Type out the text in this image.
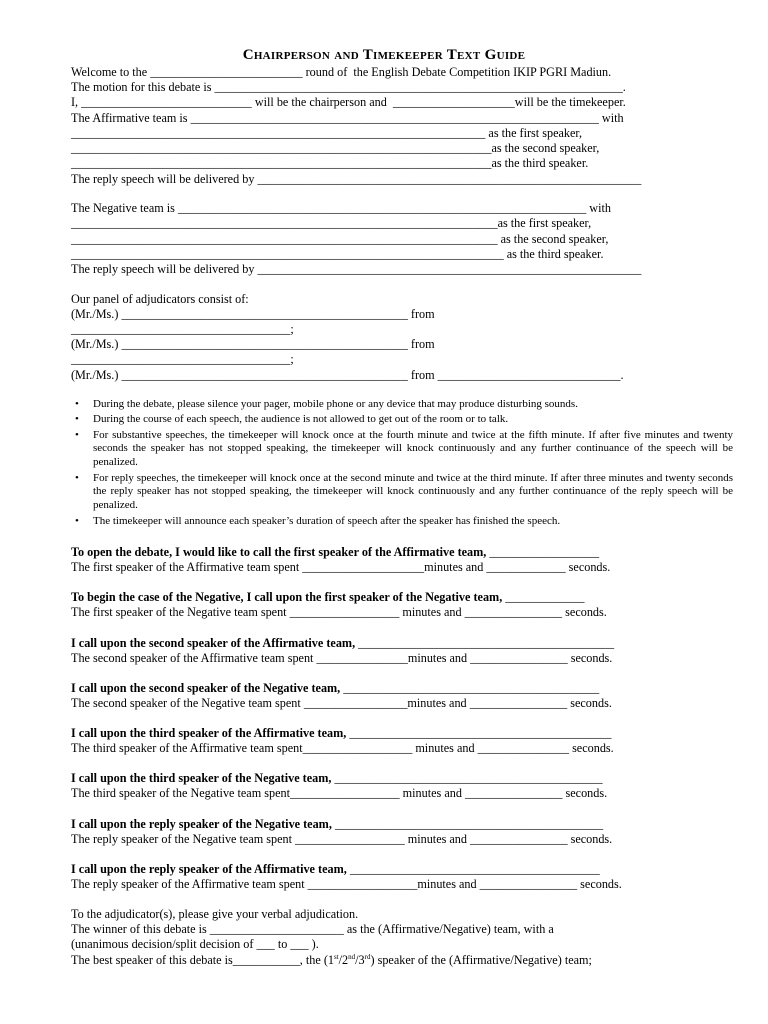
Chairperson and Timekeeper Text Guide
Welcome to the _________________________ round of  the English Debate Competition IKIP PGRI Madiun.
The motion for this debate is ___________________________________________________________________.
I, ____________________________ will be the chairperson and  ____________________will be the timekeeper.
The Affirmative team is ___________________________________________________________________ with
____________________________________________________________________ as the first speaker,
_____________________________________________________________________as the second speaker,
_____________________________________________________________________as the third speaker.
The reply speech will be delivered by _______________________________________________________________
The Negative team is ___________________________________________________________________ with
______________________________________________________________________as the first speaker,
______________________________________________________________________ as the second speaker,
_______________________________________________________________________ as the third speaker.
The reply speech will be delivered by _______________________________________________________________
Our panel of adjudicators consist of:
(Mr./Ms.) _______________________________________________ from
____________________________________;
(Mr./Ms.) _______________________________________________ from
____________________________________;
(Mr./Ms.) _______________________________________________ from ______________________________.
• During the debate, please silence your pager, mobile phone or any device that may produce disturbing sounds.
• During the course of each speech, the audience is not allowed to get out of the room or to talk.
• For substantive speeches, the timekeeper will knock once at the fourth minute and twice at the fifth minute. If after five minutes and twenty seconds the speaker has not stopped speaking, the timekeeper will knock continuously and any further continuance of the speech will be penalized.
• For reply speeches, the timekeeper will knock once at the second minute and twice at the third minute. If after three minutes and twenty seconds the reply speaker has not stopped speaking, the timekeeper will knock continuously and any further continuance of the reply speech will be penalized.
• The timekeeper will announce each speaker’s duration of speech after the speaker has finished the speech.
To open the debate, I would like to call the first speaker of the Affirmative team, __________________
The first speaker of the Affirmative team spent ____________________minutes and _____________ seconds.
To begin the case of the Negative, I call upon the first speaker of the Negative team, _____________
The first speaker of the Negative team spent __________________ minutes and ________________ seconds.
I call upon the second speaker of the Affirmative team, __________________________________________
The second speaker of the Affirmative team spent _______________minutes and ________________ seconds.
I call upon the second speaker of the Negative team, __________________________________________
The second speaker of the Negative team spent _________________minutes and ________________ seconds.
I call upon the third speaker of the Affirmative team, ___________________________________________
The third speaker of the Affirmative team spent__________________ minutes and _______________ seconds.
I call upon the third speaker of the Negative team, ____________________________________________
The third speaker of the Negative team spent__________________ minutes and ________________ seconds.
I call upon the reply speaker of the Negative team, ____________________________________________
The reply speaker of the Negative team spent __________________ minutes and ________________ seconds.
I call upon the reply speaker of the Affirmative team, _________________________________________
The reply speaker of the Affirmative team spent __________________minutes and ________________ seconds.
To the adjudicator(s), please give your verbal adjudication.
The winner of this debate is ______________________ as the (Affirmative/Negative) team, with a
(unanimous decision/split decision of ___ to ___ ).
The best speaker of this debate is___________, the (1st/2nd/3rd) speaker of the (Affirmative/Negative) team;
